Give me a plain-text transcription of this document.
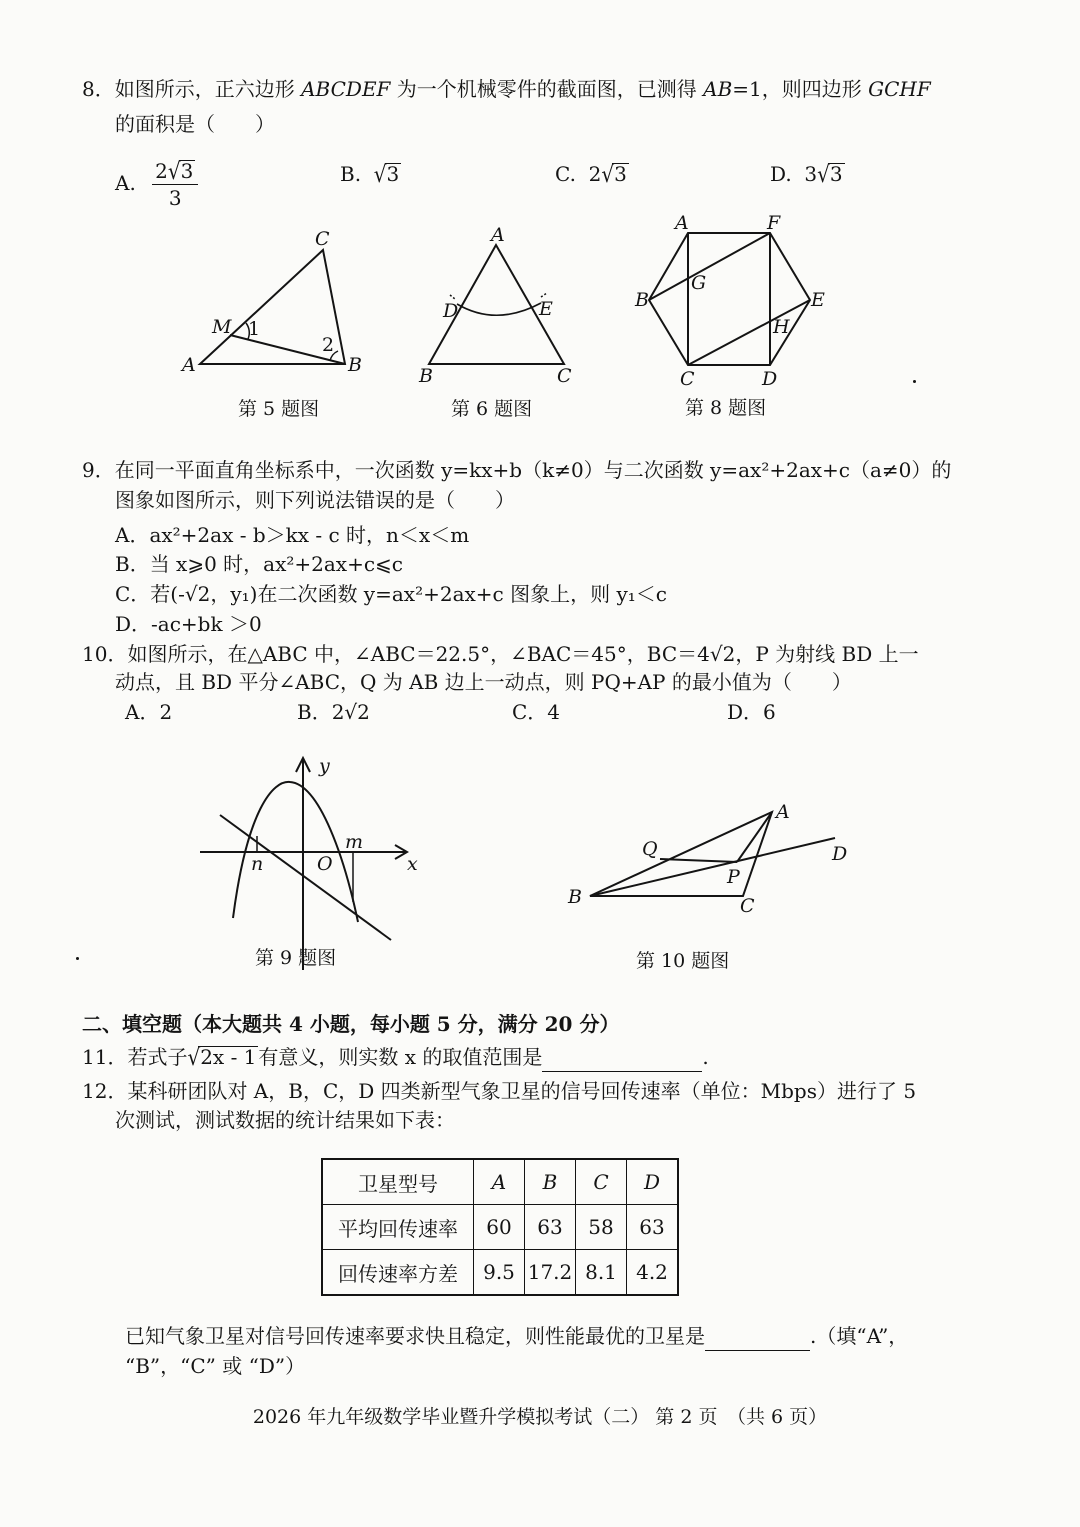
8．如图所示，正六边形 ABCDEF 为一个机械零件的截面图，已测得 AB=1，则四边形 GCHF
的面积是（　　）
A. $\frac{2√3}{3}$	B. √3	C.  2√3	D.  3√3
C
M 1
2
A	B
第 5 题图
A
D	E
B	C
第 6 题图
A	F
B
G
E
H
C	D
第 8 题图
9．在同一平面直角坐标系中，一次函数 y=kx+b（k≠0）与二次函数 y=ax²+2ax+c（a≠0）的
图象如图所示，则下列说法错误的是（　　）
A．ax²+2ax - b＞kx - c 时，n＜x＜m
B．当 x⩾0 时，ax²+2ax+c⩽c
C．若(-√2，y₁)在二次函数 y=ax²+2ax+c 图象上，则 y₁＜c
D．-ac+bk ＞0
10．如图所示，在△ABC 中，∠ABC＝22.5°，∠BAC＝45°，BC＝4√2，P 为射线 BD 上一
动点，且 BD 平分∠ABC，Q 为 AB 边上一动点，则 PQ+AP 的最小值为（　　）
A．2	B．2√2	C．4	D．6
y
x
n	O
m
第 9 题图
A
Q	D
P
B	C
第 10 题图
二、填空题（本大题共 4 小题，每小题 5 分，满分 20 分）
11．若式子√2x - 1 有意义，则实数 x 的取值范围是	.
12．某科研团队对 A，B，C，D 四类新型气象卫星的信号回传速率（单位：Mbps）进行了 5
次测试，测试数据的统计结果如下表：
卫星型号	A	B	C	D
平均回传速率	60	63	58	63
回传速率方差	9.5	17.2	8.1	4.2
已知气象卫星对信号回传速率要求快且稳定，则性能最优的卫星是	.（填“A”，
“B”，“C” 或 “D”）
2026 年九年级数学毕业暨升学模拟考试（二） 第 2 页　（共 6 页）
